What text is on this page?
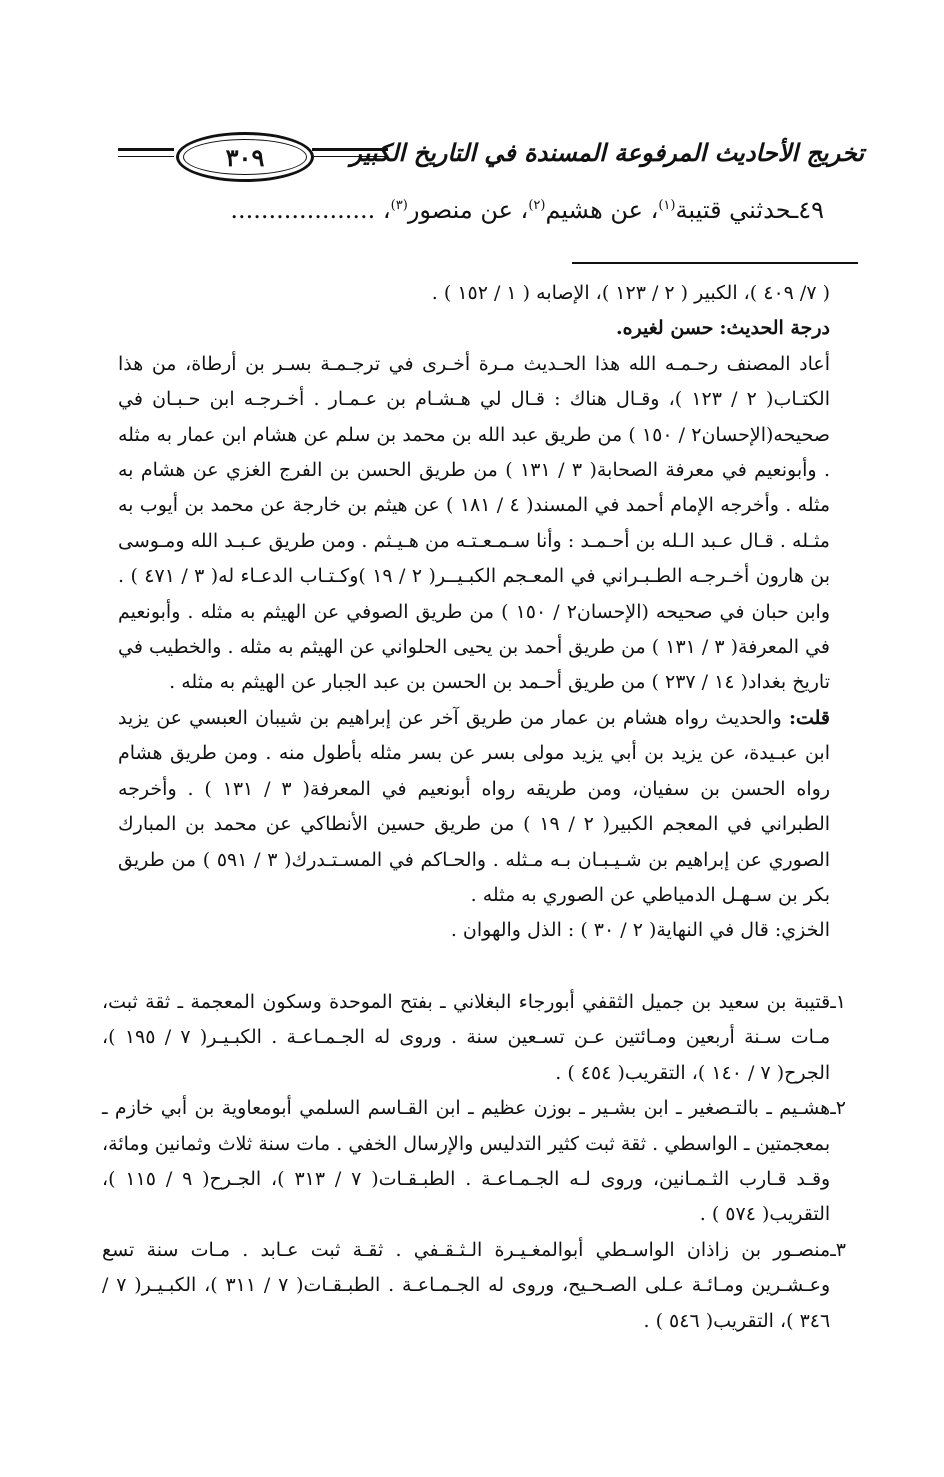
٣٠٩	تخريج الأحاديث المرفوعة المسندة في التاريخ الكبير
٤٩ـحدثني قتيبة$^{(١)}$، عن هشيم$^{(٢)}$، عن منصور$^{(٣)}$، ...................

( ٧/ ٤٠٩ )، الكبير ( ٢ / ١٢٣ )، الإصابه ( ١ / ١٥٢ ) .

درجة الحديث: حسن لغيره.

أعاد المصنف رحـمـه الله هذا الحـديث مـرة أخـرى في ترجـمـة بسـر بن أرطاة، من هذا الكتـاب( ٢ / ١٢٣ )، وقـال هناك : قـال لي هـشـام بن عـمـار . أخـرجـه ابن حـبـان في صحيحه(الإحسان٢ / ١٥٠ ) من طريق عبد الله بن محمد بن سلم عن هشام ابن عمار به مثله . وأبونعيم في معرفة الصحابة( ٣ / ١٣١ ) من طريق الحسن بن الفرج الغزي عن هشام به مثله . وأخرجه الإمام أحمد في المسند( ٤ / ١٨١ ) عن هيثم بن خارجة عن محمد بن أيوب به مثـله . قـال عـبد الـله بن أحـمـد : وأنا سـمـعـتـه من هـيـثم . ومن طريق عـبـد الله ومـوسى بن هارون أخـرجـه الطـبـراني في المعـجم الكبـيــر( ٢ / ١٩ )وكـتـاب الدعـاء له( ٣ / ٤٧١ ) . وابن حبان في صحيحه (الإحسان٢ / ١٥٠ ) من طريق الصوفي عن الهيثم به مثله . وأبونعيم في المعرفة( ٣ / ١٣١ ) من طريق أحمد بن يحيى الحلواني عن الهيثم به مثله . والخطيب في تاريخ بغداد( ١٤ / ٢٣٧ ) من طريق أحـمد بن الحسن بن عبد الجبار عن الهيثم به مثله .

قلت: والحديث رواه هشام بن عمار من طريق آخر عن إبراهيم بن شيبان العبسي عن يزيد ابن عبـيدة، عن يزيد بن أبي يزيد مولى بسر عن بسر مثله بأطول منه . ومن طريق هشام رواه الحسن بن سفيان، ومن طريقه رواه أبونعيم في المعرفة( ٣ / ١٣١ ) . وأخرجه الطبراني في المعجم الكبير( ٢ / ١٩ ) من طريق حسين الأنطاكي عن محمد بن المبارك الصوري عن إبراهيم بن شـيـبـان بـه مـثله . والحـاكم في المسـتـدرك( ٣ / ٥٩١ ) من طريق بكر بن سـهـل الدمياطي عن الصوري به مثله .

الخزي: قال في النهاية( ٢ / ٣٠ ) : الذل والهوان .

١ـ
قتيبة بن سعيد بن جميل الثقفي أبورجاء البغلاني ـ بفتح الموحدة وسكون المعجمة ـ ثقة ثبت، مـات سـنة أربعين ومـائتين عـن تسـعين سنة . وروى له الجـمـاعـة . الكبـيـر( ٧ / ١٩٥ )، الجرح( ٧ / ١٤٠ )، التقريب( ٤٥٤ ) .
٢ـ
هشـيم ـ بالتـصغير ـ ابن بشـير ـ بوزن عظيم ـ ابن القـاسم السلمي أبومعاوية بن أبي خازم ـ بمعجمتين ـ الواسطي . ثقة ثبت كثير التدليس والإرسال الخفي . مات سنة ثلاث وثمانين ومائة، وقـد قـارب الثـمـانين، وروى لـه الجـمـاعـة . الطبـقـات( ٧ / ٣١٣ )، الجـرح( ٩ / ١١٥ )، التقريب( ٥٧٤ ) .
٣ـ
منصـور بن زاذان الواسـطي أبوالمغـيـرة الـثـقـفي . ثقـة ثبت عـابد . مـات سنة تسع وعـشـرين ومـائـة عـلى الصـحـيح، وروى له الجـمـاعـة . الطبـقـات( ٧ / ٣١١ )، الكبـيـر( ٧ / ٣٤٦ )، التقريب( ٥٤٦ ) .
